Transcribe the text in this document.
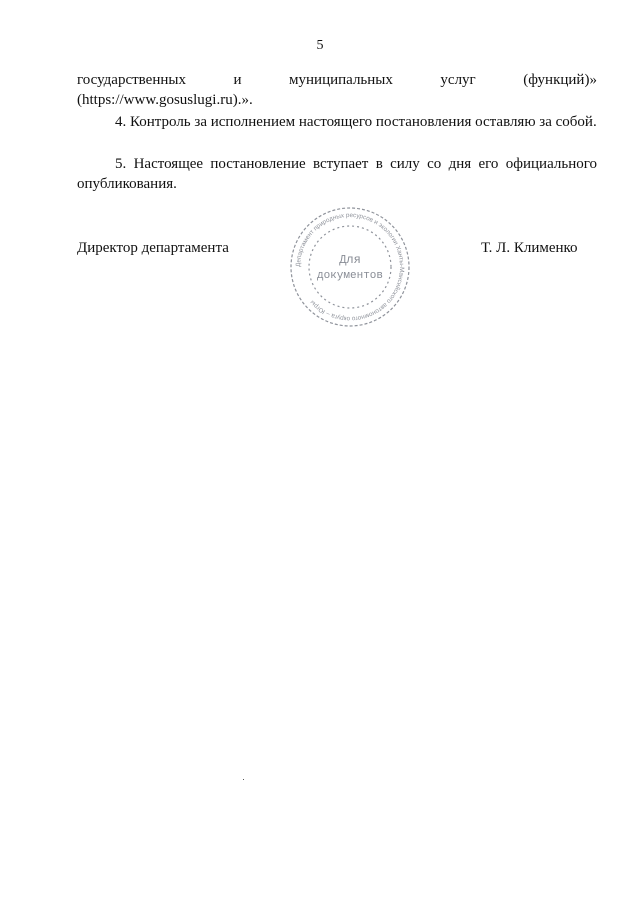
5
государственных	и	муниципальных	услуг	(функций)»
(https://www.gosuslugi.ru).».

4. Контроль за исполнением настоящего постановления оставляю за собой.

5. Настоящее постановление вступает в силу со дня его официального опубликования.

Директор департамента
Департамент природных ресурсов и экологии Ханты-Мансийского автономного округа – Югры
Для
документов
Т. Л. Клименко
